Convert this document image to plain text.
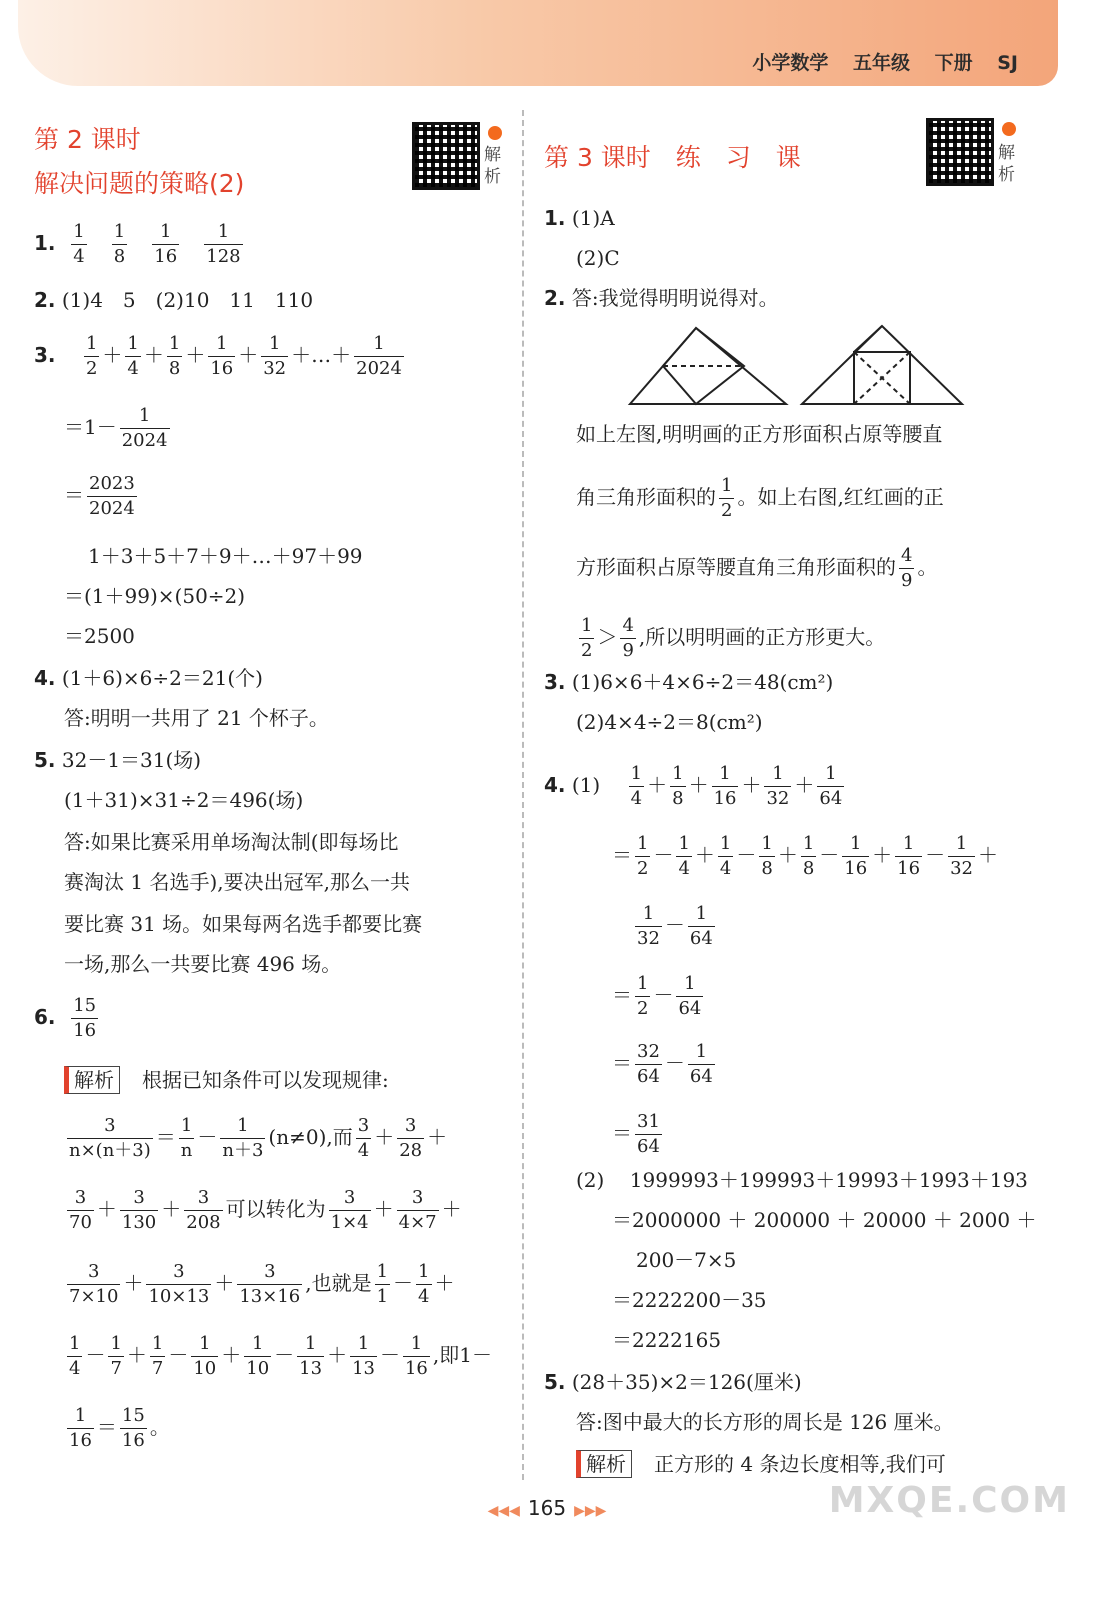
小学数学 五年级 下册 SJ
第 2 课时
解决问题的策略(2)
解析
1. $\frac{1}{4}$
$\frac{1}{8}$
$\frac{1}{16}$
$\frac{1}{128}$
2. (1)4　5　(2)10　11　110
3. $\frac{1}{2} + \frac{1}{4} + \frac{1}{8} + \frac{1}{16} + \frac{1}{32}$ ＋…＋ $\frac{1}{2024}$
$=1- \frac{1}{2024}$
＝ $\frac{2023}{2024}$
1＋3＋5＋7＋9＋…＋97＋99
＝(1＋99)×(50÷2)
＝2500
4. (1＋6)×6÷2＝21(个)
答:明明一共用了 21 个杯子。
5. 32－1＝31(场)
(1＋31)×31÷2＝496(场)
答:如果比赛采用单场淘汰制(即每场比
赛淘汰 1 名选手),要决出冠军,那么一共
要比赛 31 场。如果每两名选手都要比赛
一场,那么一共要比赛 496 场。
6. $\frac{15}{16}$
解析 根据已知条件可以发现规律:
$\frac{3}{n\times(n+3)} = \frac{1}{n} - \frac{1}{n+3} (n\ne 0)$,而 $\frac{3}{4} + \frac{3}{28}$ ＋
$\frac{3}{70} + \frac{3}{130} + \frac{3}{208}$ 可以转化为 $\frac{3}{1\times 4} + \frac{3}{4\times 7}$ ＋
$\frac{3}{7\times 10} + \frac{3}{10\times 13} + \frac{3}{13\times 16}$ ,也就是 $\frac{1}{1} - \frac{1}{4}$ ＋
$\frac{1}{4} - \frac{1}{7} + \frac{1}{7} - \frac{1}{10} + \frac{1}{10} - \frac{1}{13} + \frac{1}{13} - \frac{1}{16}$ ,即1－
$\frac{1}{16} = \frac{15}{16}$ 。
第 3 课时　练　习　课	解析
1. (1)A
(2)C
2. 答:我觉得明明说得对。
如上左图,明明画的正方形面积占原等腰直
角三角形面积的 $\frac{1}{2}$ 。如上右图,红红画的正
方形面积占原等腰直角三角形面积的 $\frac{4}{9}$ 。
$\frac{1}{2} > \frac{4}{9}$ ,所以明明画的正方形更大。
3. (1)6×6＋4×6÷2＝48(cm²)
(2)4×4÷2＝8(cm²)
4. $(1) \frac{1}{4} + \frac{1}{8} + \frac{1}{16} + \frac{1}{32} + \frac{1}{64}$
＝ $\frac{1}{2} - \frac{1}{4} + \frac{1}{4} - \frac{1}{8} + \frac{1}{8} - \frac{1}{16} + \frac{1}{16} - \frac{1}{32}$ ＋
$\frac{1}{32} - \frac{1}{64}$
＝ $\frac{1}{2} - \frac{1}{64}$
＝ $\frac{32}{64} - \frac{1}{64}$
＝ $\frac{31}{64}$
(2) 1999993＋199993＋19993＋1993＋193
＝2000000 ＋ 200000 ＋ 20000 ＋ 2000 ＋
200－7×5
＝2222200－35
＝2222165
5. (28＋35)×2＝126(厘米)
答:图中最大的长方形的周长是 126 厘米。
解析 正方形的 4 条边长度相等,我们可
◀◀◀ 165 ▶▶▶	MXQE.COM
